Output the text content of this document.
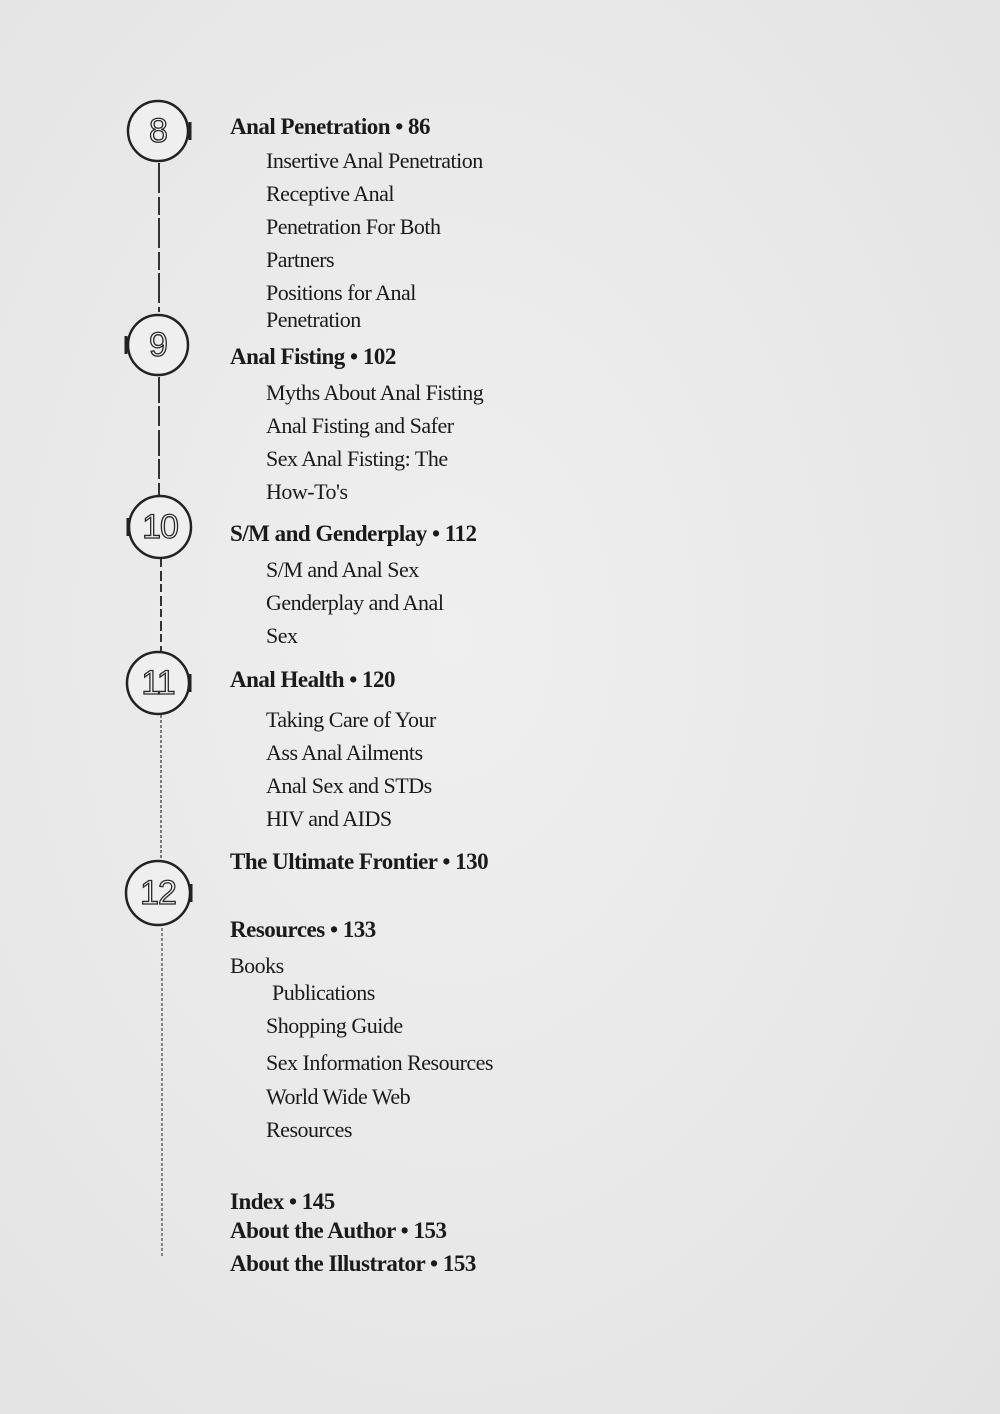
8
9
10
11
12
Anal Penetration • 86
Insertive Anal Penetration
Receptive Anal
Penetration For Both
Partners
Positions for Anal
Penetration
Anal Fisting • 102
Myths About Anal Fisting
Anal Fisting and Safer
Sex Anal Fisting: The
How-To's
S/M and Genderplay • 112
S/M and Anal Sex
Genderplay and Anal
Sex
Anal Health • 120
Taking Care of Your
Ass Anal Ailments
Anal Sex and STDs
HIV and AIDS
The Ultimate Frontier • 130
Resources • 133
Books
Publications
Shopping Guide
Sex Information Resources
World Wide Web
Resources
Index • 145
About the Author • 153
About the Illustrator • 153
